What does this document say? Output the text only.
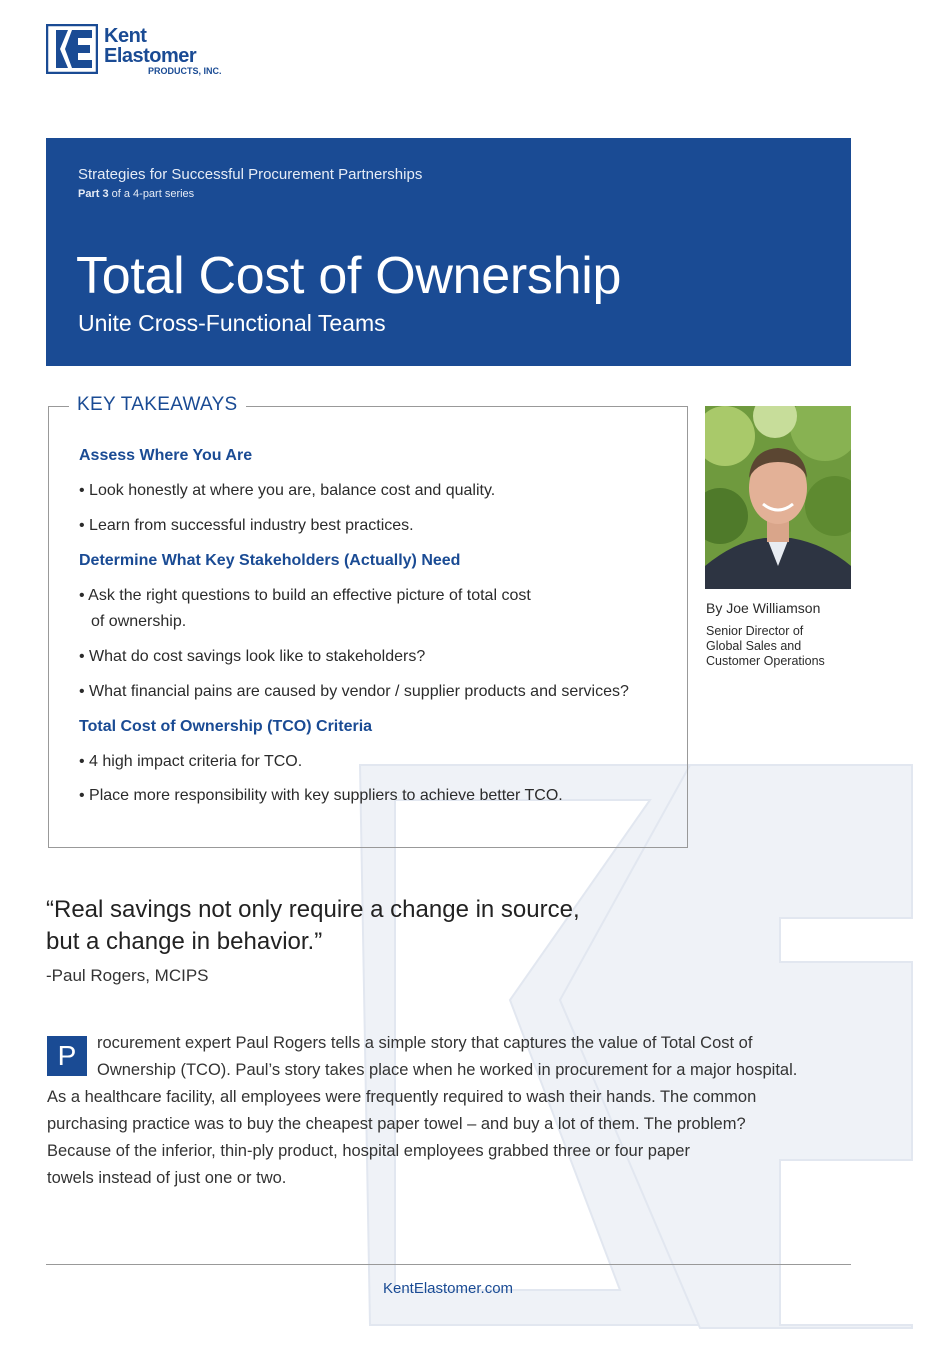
Kent
Elastomer
PRODUCTS, INC.
Strategies for Successful Procurement Partnerships
Part 3 of a 4-part series
Total Cost of Ownership
Unite Cross-Functional Teams
KEY TAKEAWAYS
Assess Where You Are
• Look honestly at where you are, balance cost and quality.
• Learn from successful industry best practices.
Determine What Key Stakeholders (Actually) Need
• Ask the right questions to build an effective picture of total cost
of ownership.
• What do cost savings look like to stakeholders?
• What financial pains are caused by vendor / supplier products and services?
Total Cost of Ownership (TCO) Criteria
• 4 high impact criteria for TCO.
• Place more responsibility with key suppliers to achieve better TCO.
By Joe Williamson
Senior Director of
Global Sales and
Customer Operations
“Real savings not only require a change in source,
but a change in behavior.”
-Paul Rogers, MCIPS
P	rocurement expert Paul Rogers tells a simple story that captures the value of Total Cost of
Ownership (TCO). Paul’s story takes place when he worked in procurement for a major hospital.
As a healthcare facility, all employees were frequently required to wash their hands. The common
purchasing practice was to buy the cheapest paper towel – and buy a lot of them. The problem?
Because of the inferior, thin-ply product, hospital employees grabbed three or four paper
towels instead of just one or two.
KentElastomer.com
